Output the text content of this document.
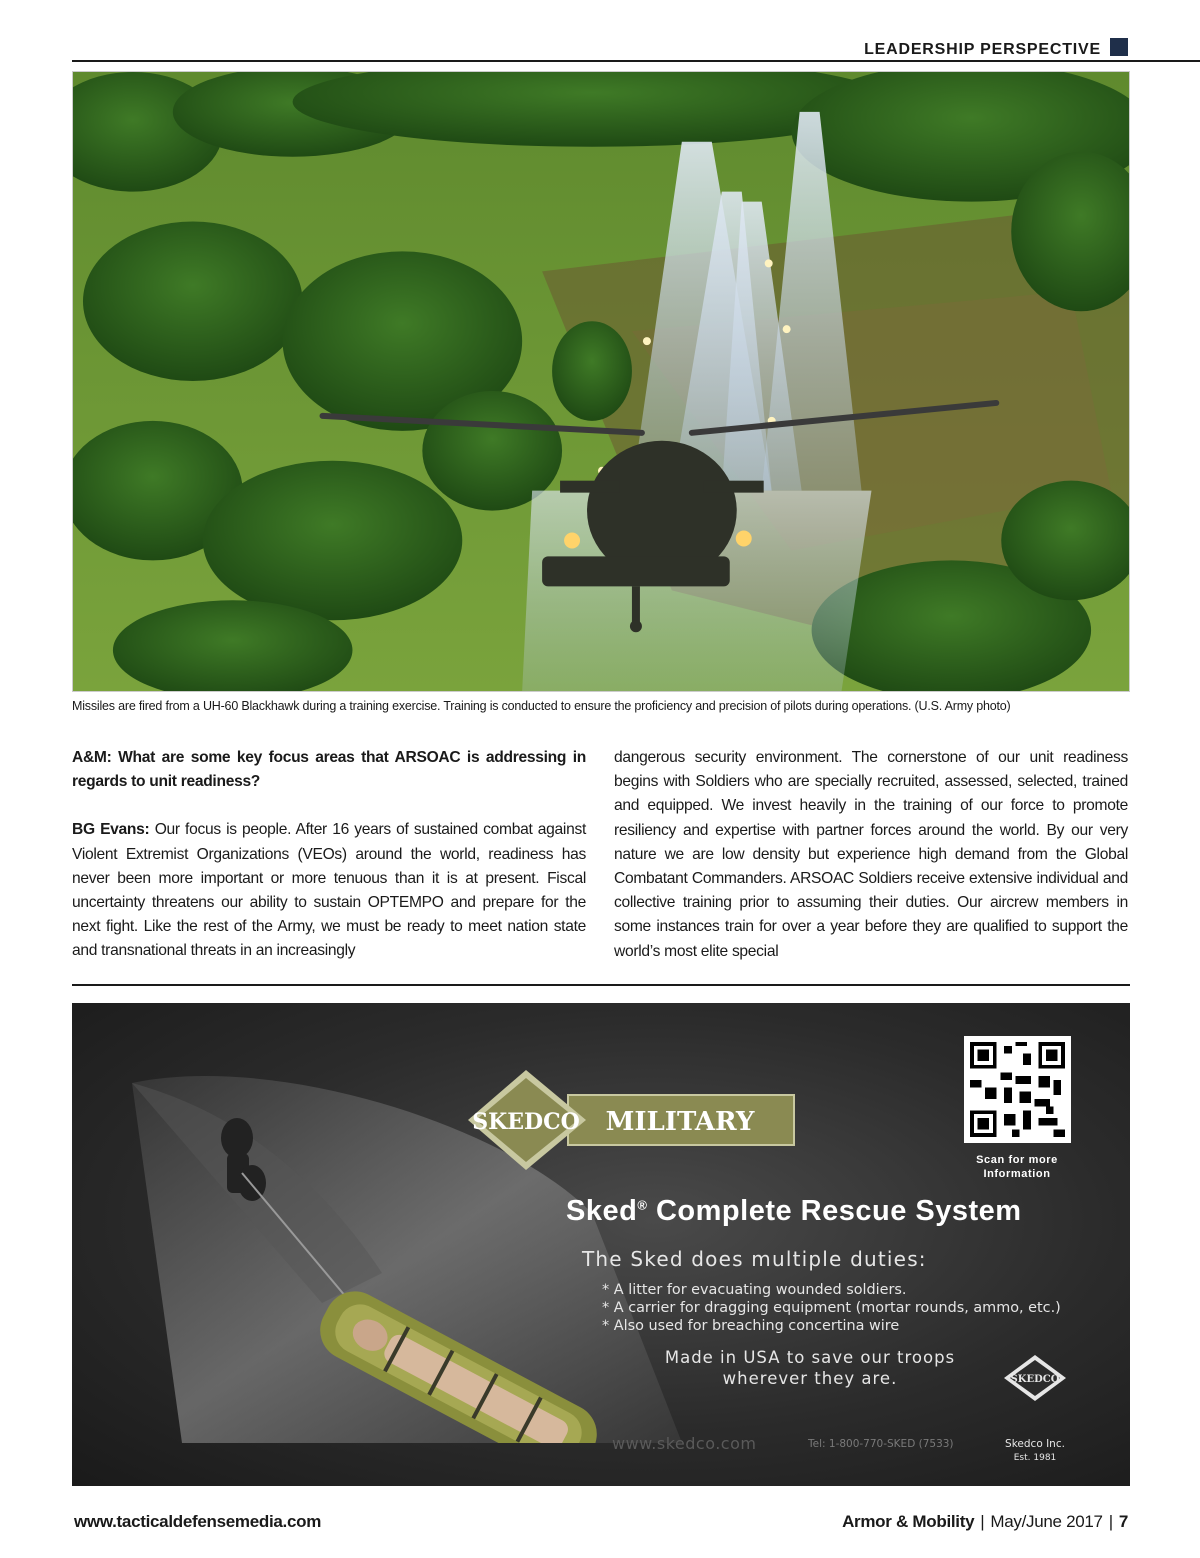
LEADERSHIP PERSPECTIVE
Missiles are fired from a UH-60 Blackhawk during a training exercise. Training is conducted to ensure the proficiency and precision of pilots during operations. (U.S. Army photo)

A&M: What are some key focus areas that ARSOAC is addressing in regards to unit readiness?

BG Evans: Our focus is people. After 16 years of sustained combat against Violent Extremist Organizations (VEOs) around the world, readiness has never been more important or more tenuous than it is at present. Fiscal uncertainty threatens our ability to sustain OPTEMPO and prepare for the next fight. Like the rest of the Army, we must be ready to meet nation state and transnational threats in an increasingly

dangerous security environment. The cornerstone of our unit readiness begins with Soldiers who are specially recruited, assessed, selected, trained and equipped. We invest heavily in the training of our force to promote resiliency and expertise with partner forces around the world. By our very nature we are low density but experience high demand from the Global Combatant Commanders. ARSOAC Soldiers receive extensive individual and collective training prior to assuming their duties. Our aircrew members in some instances train for over a year before they are qualified to support the world’s most elite special

SKEDCO MILITARY
Scan for more
Information
Sked® Complete Rescue System
The Sked does multiple duties:
* A litter for evacuating wounded soldiers.
* A carrier for dragging equipment (mortar rounds, ammo, etc.)
* Also used for breaching concertina wire
Made in USA to save our troops
wherever they are.	SKEDCO
www.skedco.com	Tel: 1-800-770-SKED (7533)	Skedco Inc.
Est. 1981
www.tacticaldefensemedia.com	Armor & Mobility | May/June 2017 | 7
